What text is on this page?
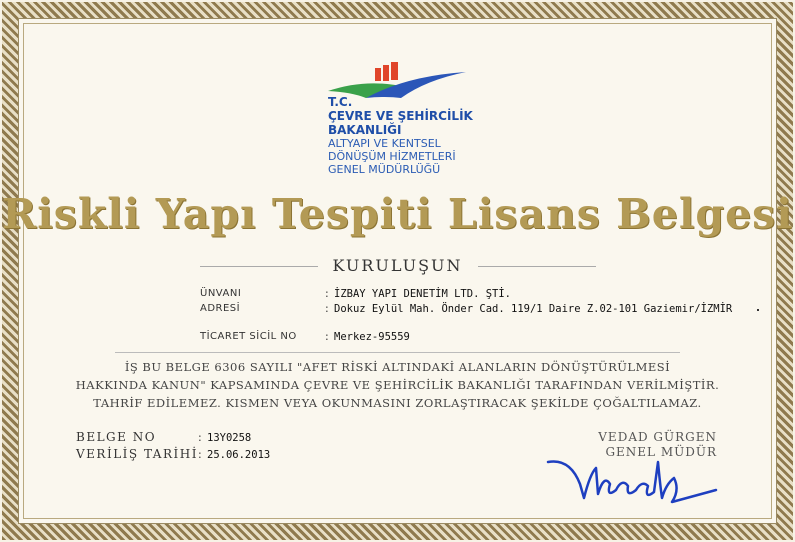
T.C.

ÇEVRE VE ŞEHİRCİLİK

BAKANLIĞI

ALTYAPI VE KENTSEL

DÖNÜŞÜM HİZMETLERİ

GENEL MÜDÜRLÜĞÜ

Riskli Yapı Tespiti Lisans Belgesi
KURULUŞUN
ÜNVANI	: İZBAY YAPI DENETİM LTD. ŞTİ.
ADRESİ	: Dokuz Eylül Mah. Önder Cad. 119/1 Daire Z.02-101 Gaziemir/İZMİR
TİCARET SİCİL NO	: Merkez-95559
İŞ BU BELGE 6306 SAYILI "AFET RİSKİ ALTINDAKİ ALANLARIN DÖNÜŞTÜRÜLMESİ
HAKKINDA KANUN" KAPSAMINDA ÇEVRE VE ŞEHİRCİLİK BAKANLIĞI TARAFINDAN VERİLMİŞTİR.
TAHRİF EDİLEMEZ. KISMEN VEYA OKUNMASINI ZORLAŞTIRACAK ŞEKİLDE ÇOĞALTILAMAZ.
BELGE NO	: 13Y0258
VERİLİŞ TARİHİ : 25.06.2013
VEDAD GÜRGEN
GENEL MÜDÜR
